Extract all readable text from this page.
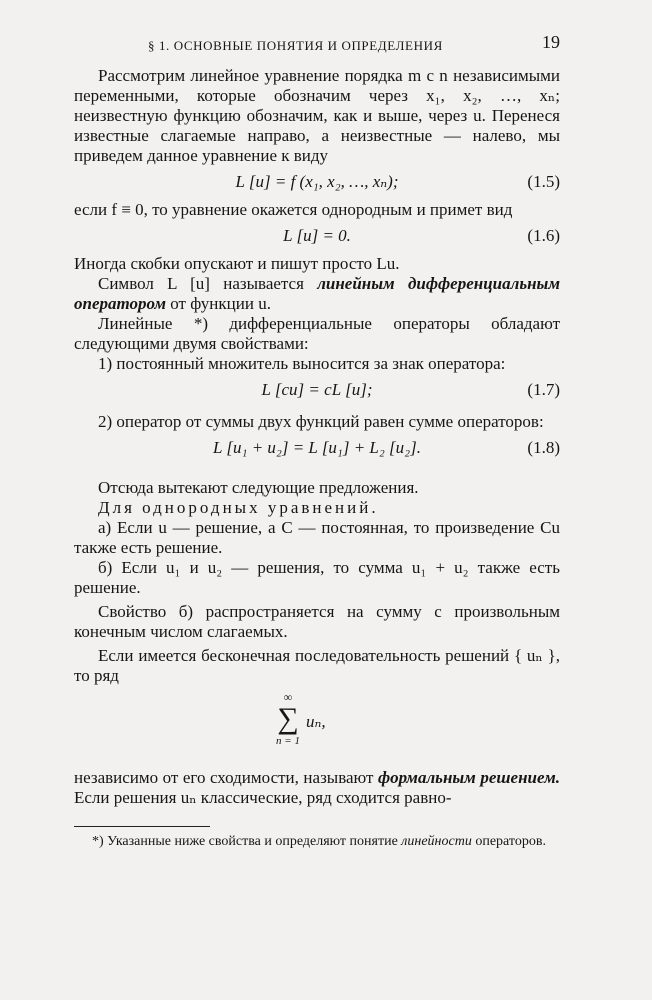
§ 1. ОСНОВНЫЕ ПОНЯТИЯ И ОПРЕДЕЛЕНИЯ	19

Рассмотрим линейное уравнение порядка m с n независимыми переменными, которые обозначим через x₁, x₂, …, xₙ; неизвестную функцию обозначим, как и выше, через u. Перенеся известные слагаемые направо, а неизвестные — налево, мы приведем данное уравнение к виду

L [u] = f (x₁, x₂, …, xₙ);	(1.5)

если f ≡ 0, то уравнение окажется однородным и примет вид

L [u] = 0.	(1.6)

Иногда скобки опускают и пишут просто Lu.

Символ L [u] называется линейным дифференциальным оператором от функции u.

Линейные *) дифференциальные операторы обладают следующими двумя свойствами:

1) постоянный множитель выносится за знак оператора:

L [cu] = cL [u];	(1.7)

2) оператор от суммы двух функций равен сумме операторов:

L [u₁ + u₂] = L [u₁] + L₂ [u₂].	(1.8)

Отсюда вытекают следующие предложения.

Для однородных уравнений.

а) Если u — решение, а C — постоянная, то произведение Cu также есть решение.

б) Если u₁ и u₂ — решения, то сумма u₁ + u₂ также есть решение.

Свойство б) распространяется на сумму с произвольным конечным числом слагаемых.

Если имеется бесконечная последовательность решений { uₙ }, то ряд

∞
∑
n = 1
uₙ,

независимо от его сходимости, называют формальным решением. Если решения uₙ классические, ряд сходится равно-

*) Указанные ниже свойства и определяют понятие линейности операторов.
